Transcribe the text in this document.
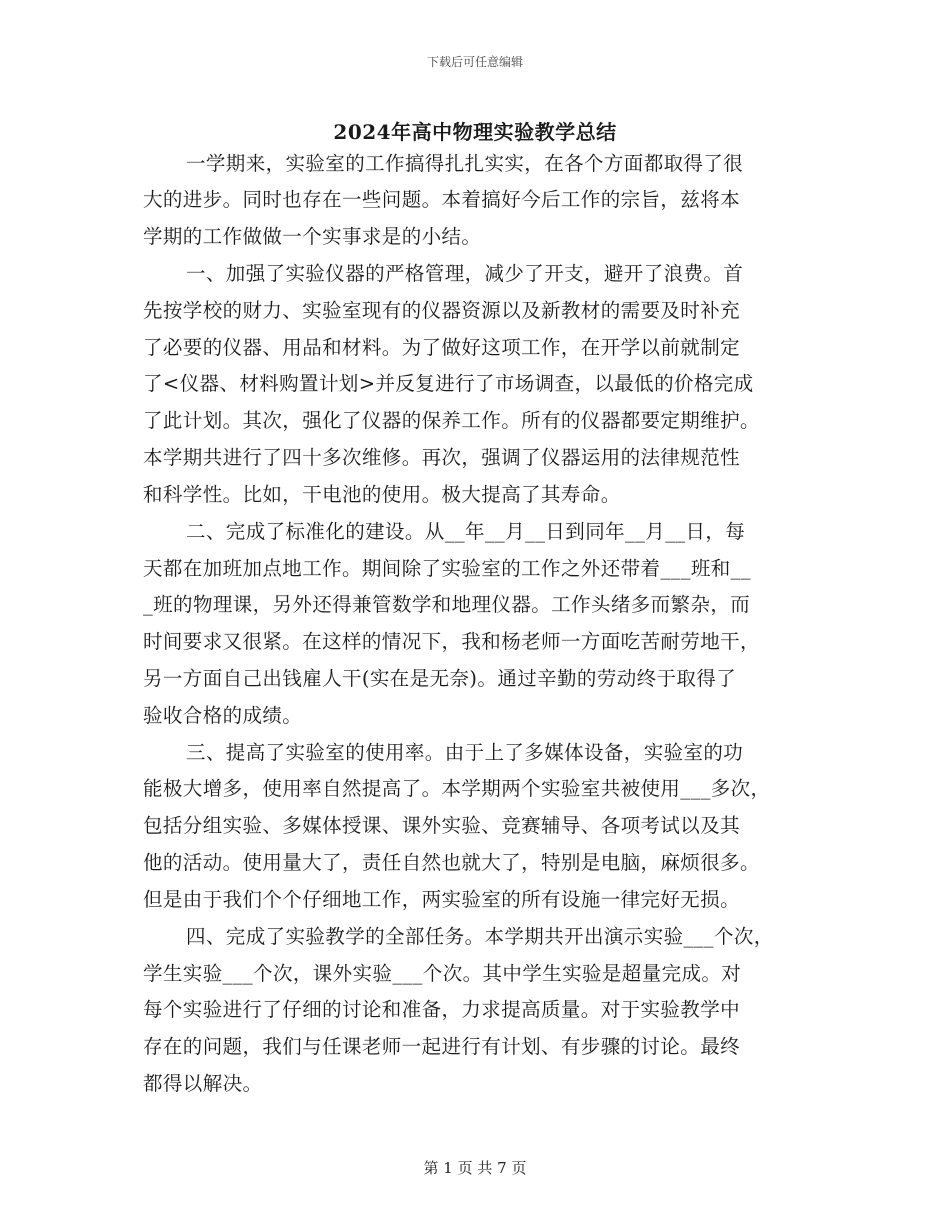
下载后可任意编辑
2024年高中物理实验教学总结
一学期来，实验室的工作搞得扎扎实实，在各个方面都取得了很
大的进步。同时也存在一些问题。本着搞好今后工作的宗旨，兹将本
学期的工作做做一个实事求是的小结。
一、加强了实验仪器的严格管理，减少了开支，避开了浪费。首
先按学校的财力、实验室现有的仪器资源以及新教材的需要及时补充
了必要的仪器、用品和材料。为了做好这项工作，在开学以前就制定
了<仪器、材料购置计划>并反复进行了市场调查，以最低的价格完成
了此计划。其次，强化了仪器的保养工作。所有的仪器都要定期维护。
本学期共进行了四十多次维修。再次，强调了仪器运用的法律规范性
和科学性。比如，干电池的使用。极大提高了其寿命。
二、完成了标准化的建设。从__年__月__日到同年__月__日，每
天都在加班加点地工作。期间除了实验室的工作之外还带着___班和__
_班的物理课，另外还得兼管数学和地理仪器。工作头绪多而繁杂，而
时间要求又很紧。在这样的情况下，我和杨老师一方面吃苦耐劳地干，
另一方面自己出钱雇人干(实在是无奈)。通过辛勤的劳动终于取得了
验收合格的成绩。
三、提高了实验室的使用率。由于上了多媒体设备，实验室的功
能极大增多，使用率自然提高了。本学期两个实验室共被使用___多次，
包括分组实验、多媒体授课、课外实验、竞赛辅导、各项考试以及其
他的活动。使用量大了，责任自然也就大了，特别是电脑，麻烦很多。
但是由于我们个个仔细地工作，两实验室的所有设施一律完好无损。
四、完成了实验教学的全部任务。本学期共开出演示实验___个次，
学生实验___个次，课外实验___个次。其中学生实验是超量完成。对
每个实验进行了仔细的讨论和准备，力求提高质量。对于实验教学中
存在的问题，我们与任课老师一起进行有计划、有步骤的讨论。最终
都得以解决。
第 1 页 共 7 页
